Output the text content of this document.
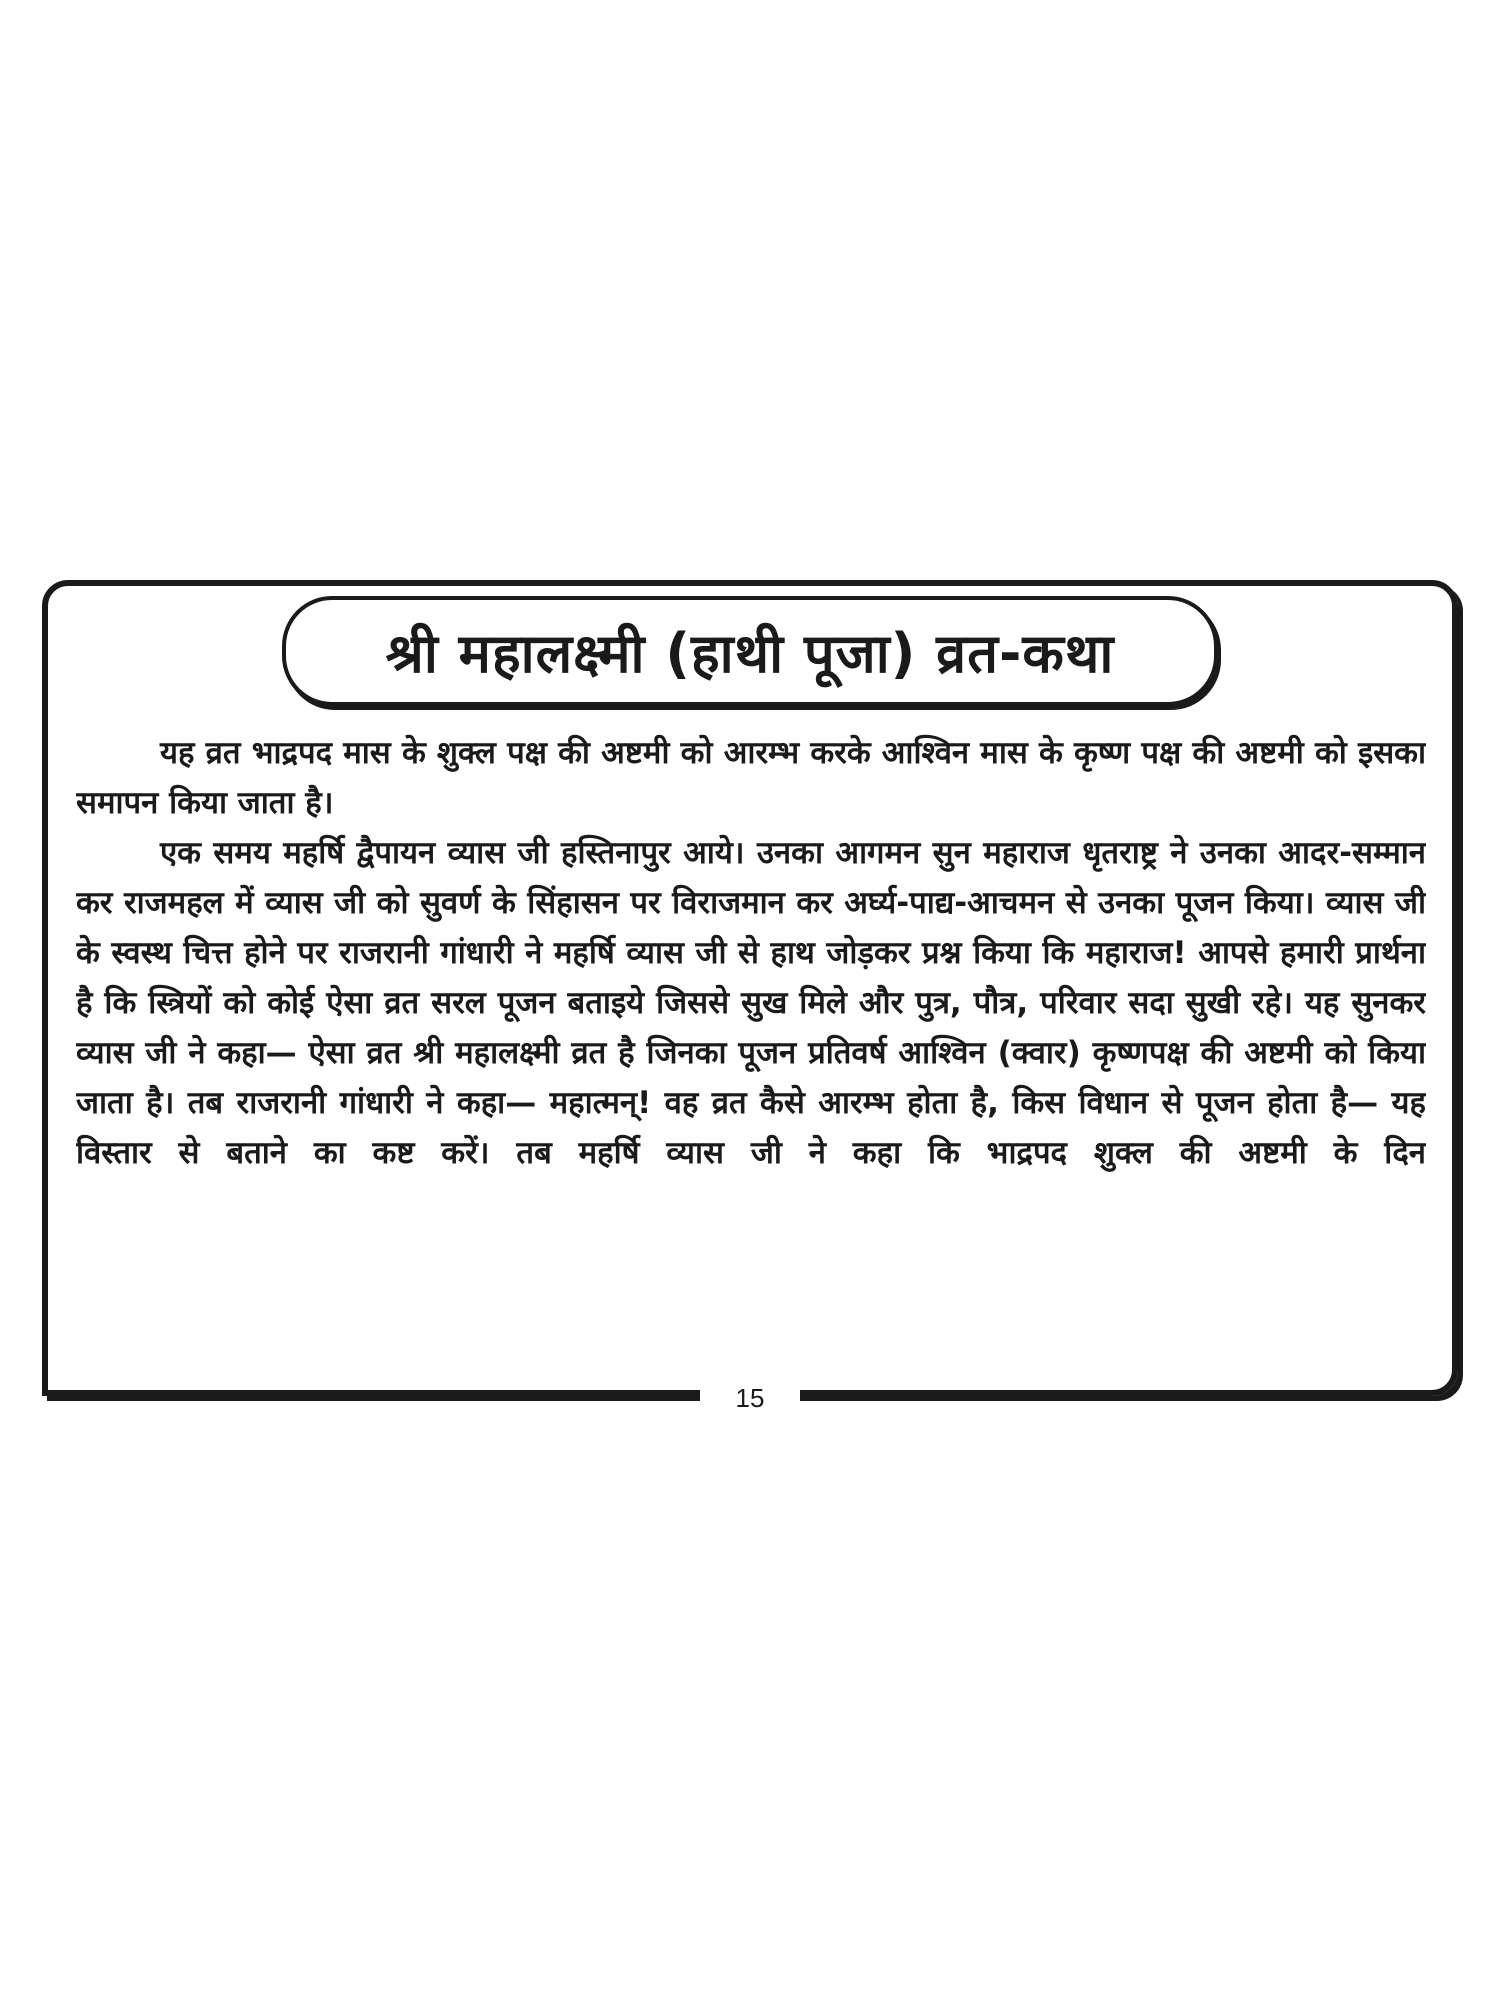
श्री महालक्ष्मी (हाथी पूजा) व्रत-कथा

यह व्रत भाद्रपद मास के शुक्ल पक्ष की अष्टमी को आरम्भ करके आश्विन मास के कृष्ण पक्ष की अष्टमी को इसका समापन किया जाता है।

एक समय महर्षि द्वैपायन व्यास जी हस्तिनापुर आये। उनका आगमन सुन महाराज धृतराष्ट्र ने उनका आदर-सम्मान कर राजमहल में व्यास जी को सुवर्ण के सिंहासन पर विराजमान कर अर्घ्य-पाद्य-आचमन से उनका पूजन किया। व्यास जी के स्वस्थ चित्त होने पर राजरानी गांधारी ने महर्षि व्यास जी से हाथ जोड़कर प्रश्न किया कि महाराज! आपसे हमारी प्रार्थना है कि स्त्रियों को कोई ऐसा व्रत सरल पूजन बताइये जिससे सुख मिले और पुत्र, पौत्र, परिवार सदा सुखी रहे। यह सुनकर व्यास जी ने कहा— ऐसा व्रत श्री महालक्ष्मी व्रत है जिनका पूजन प्रतिवर्ष आश्विन (क्वार) कृष्णपक्ष की अष्टमी को किया जाता है। तब राजरानी गांधारी ने कहा— महात्मन्! वह व्रत कैसे आरम्भ होता है, किस विधान से पूजन होता है— यह विस्तार से बताने का कष्ट करें। तब महर्षि व्यास जी ने कहा कि भाद्रपद शुक्ल की अष्टमी के दिन

15
